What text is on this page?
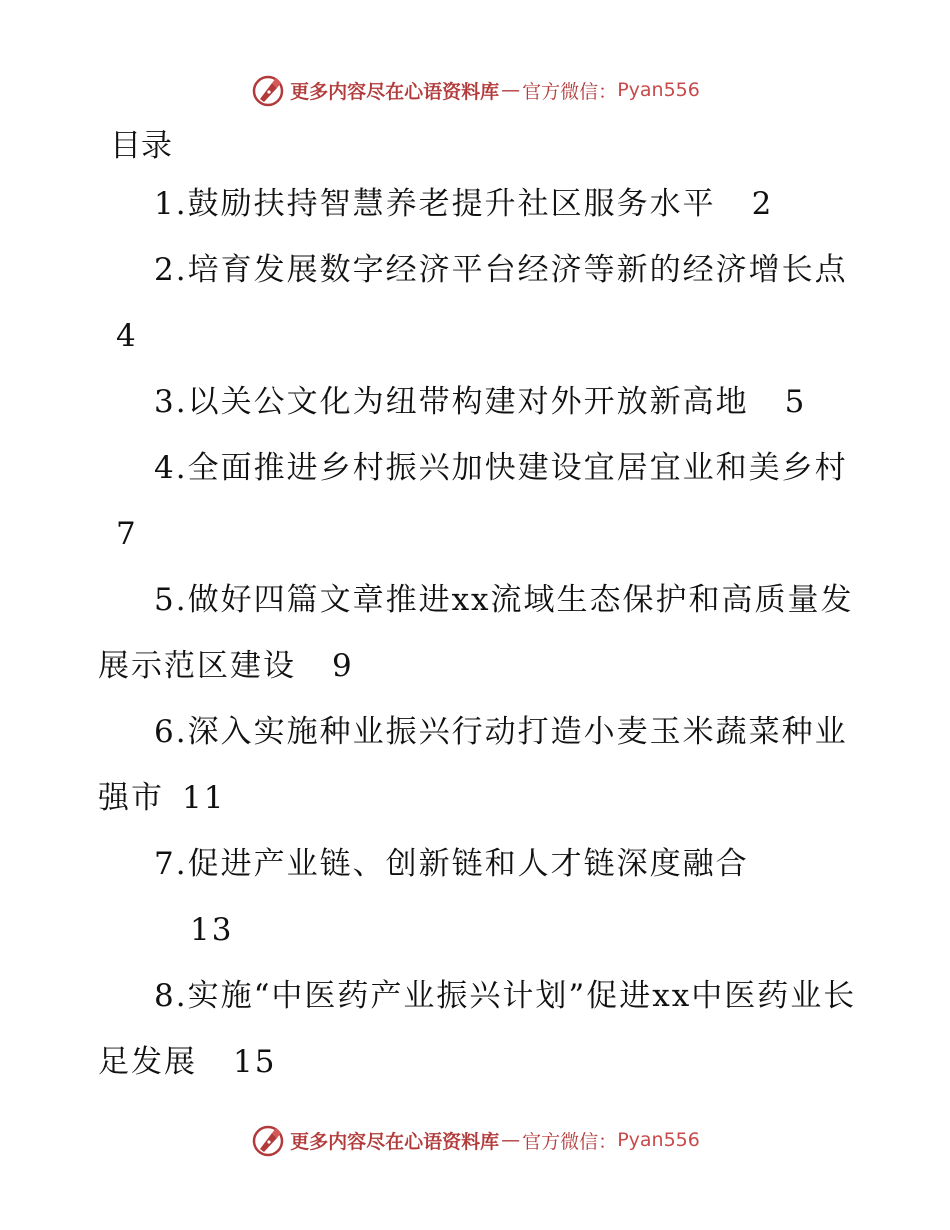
更多内容尽在心语资料库 — 官方微信： Pyan556
目录
1.鼓励扶持智慧养老提升社区服务水平 2
2.培育发展数字经济平台经济等新的经济增长点4
3.以关公文化为纽带构建对外开放新高地 5
4.全面推进乡村振兴加快建设宜居宜业和美乡村7
5.做好四篇文章推进xx流域生态保护和高质量发展示范区建设 9
6.深入实施种业振兴行动打造小麦玉米蔬菜种业强市 11
7.促进产业链、创新链和人才链深度融合
13
8.实施“中医药产业振兴计划”促进xx中医药业长足发展 15
更多内容尽在心语资料库 — 官方微信： Pyan556
